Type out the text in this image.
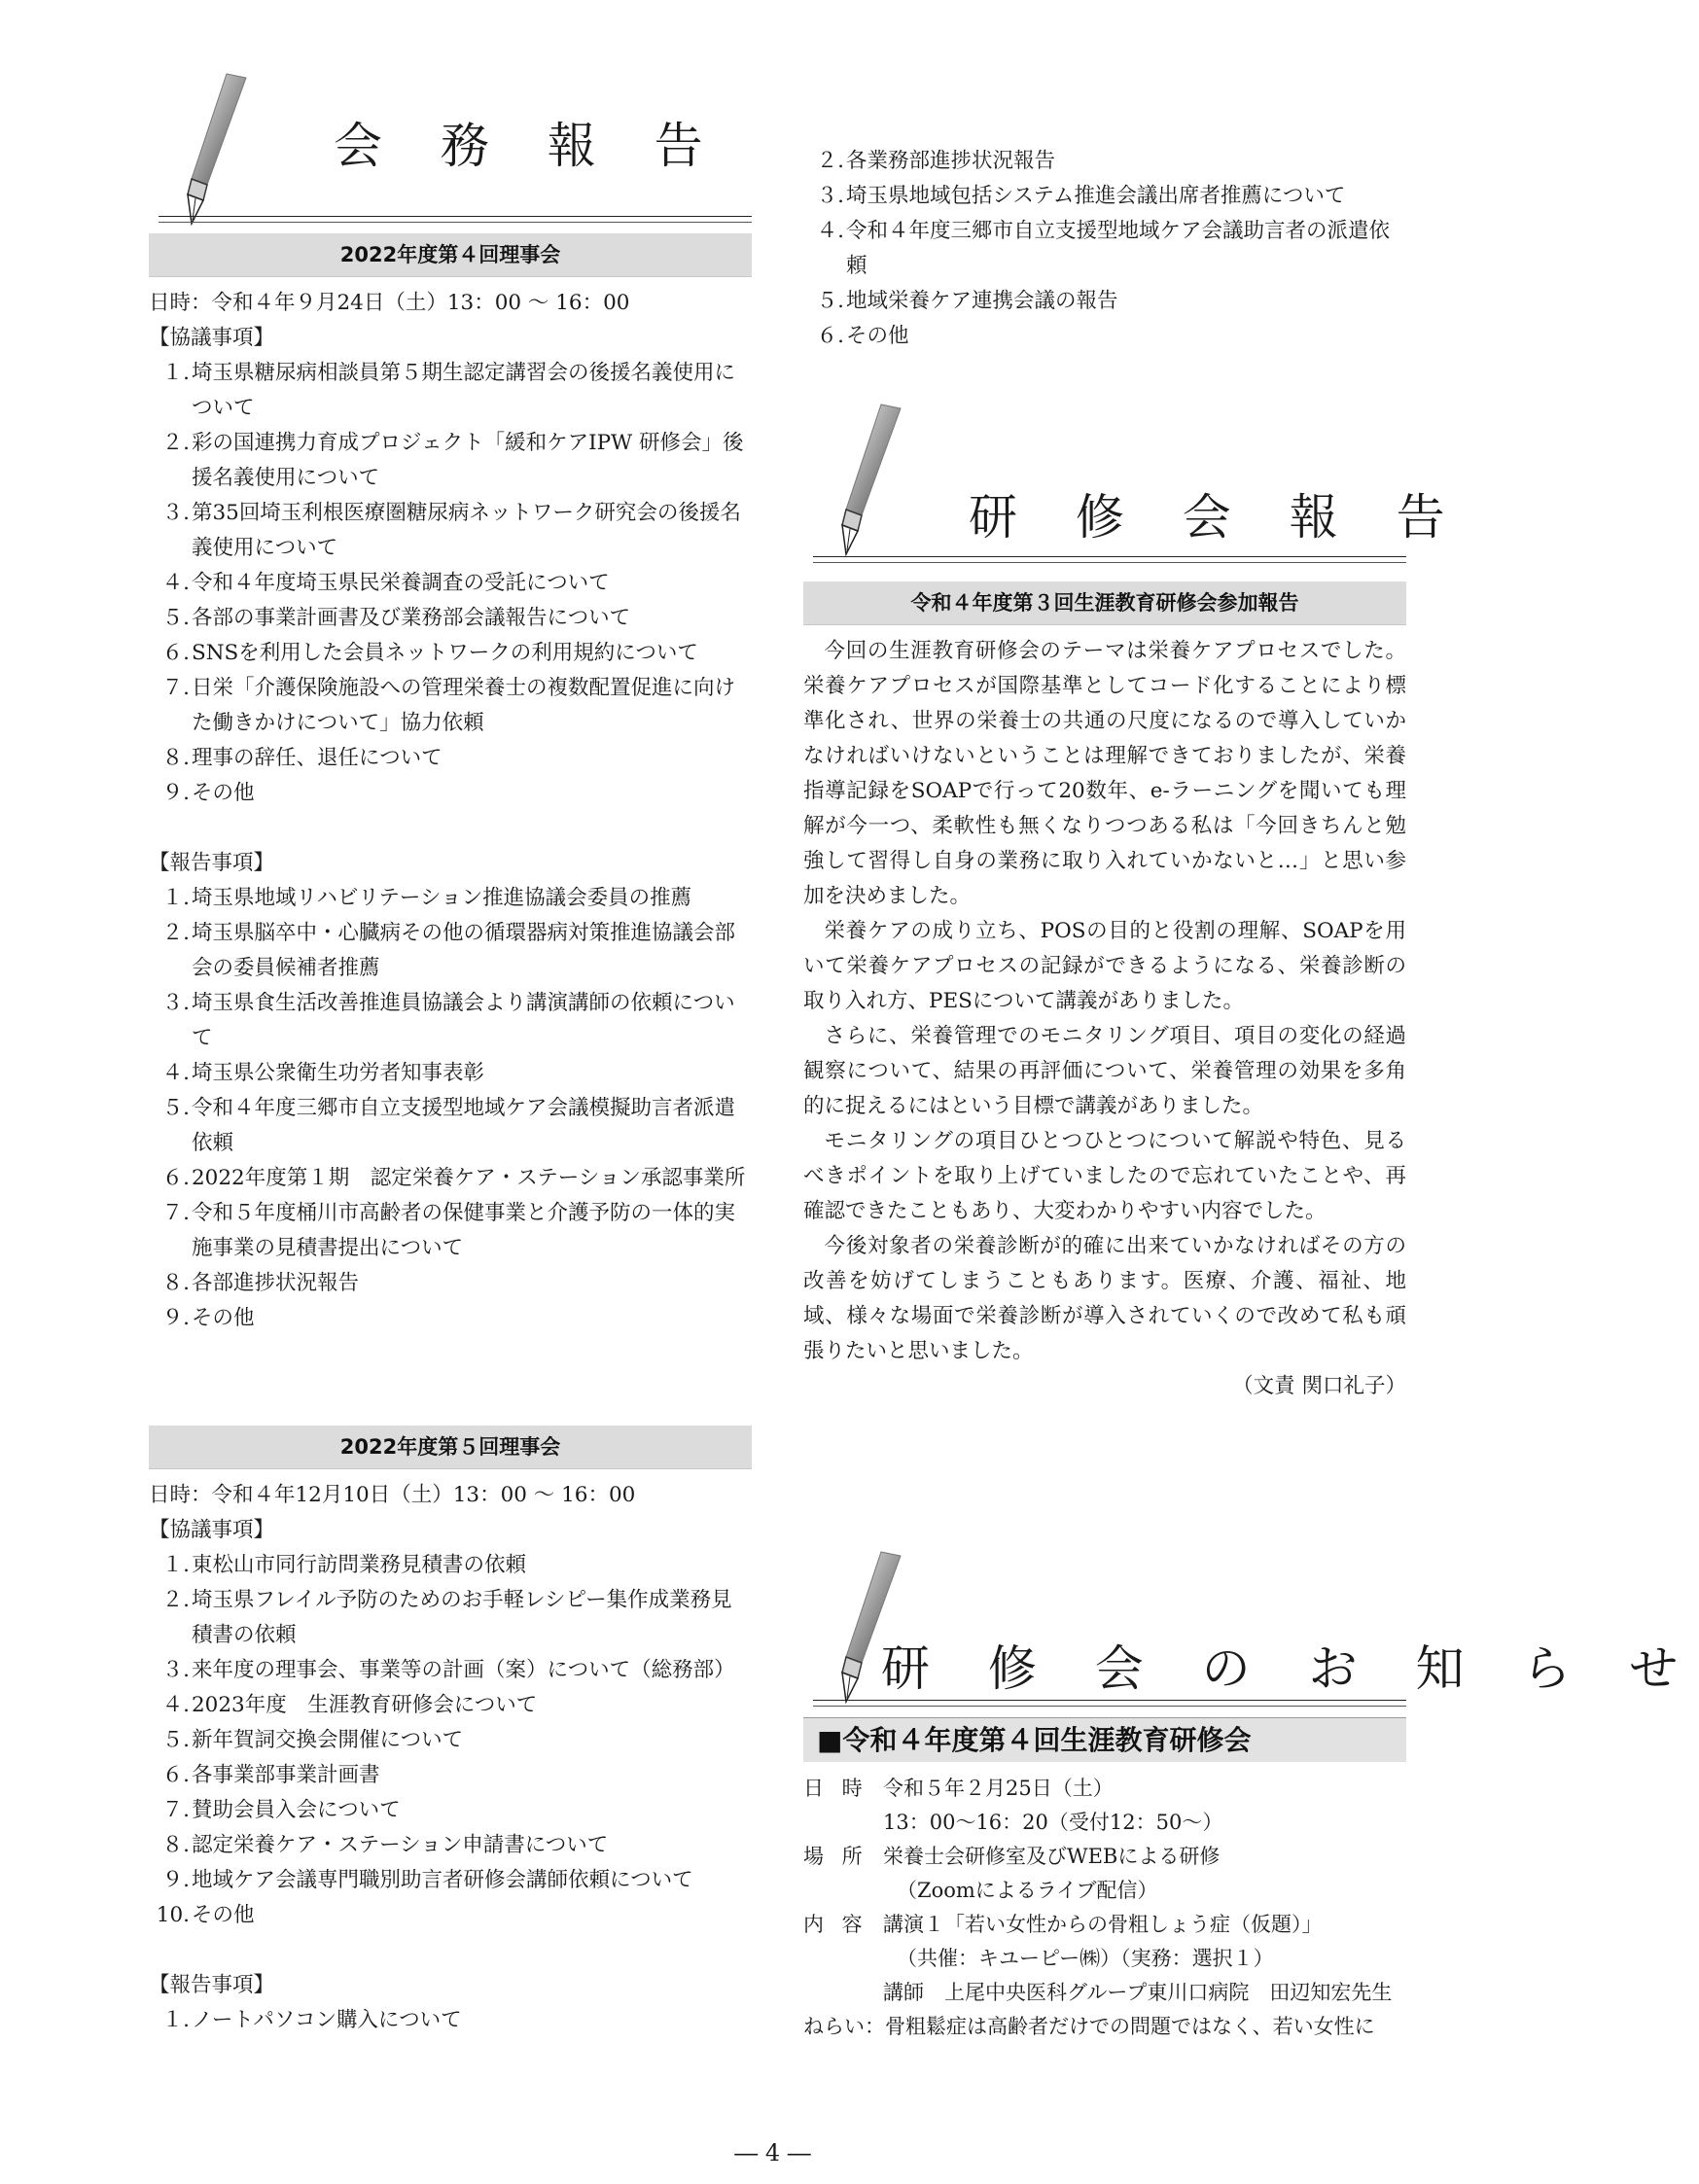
会 務 報 告
2022年度第４回理事会
日時：令和４年９月24日（土）13：00 ～ 16：00
【協議事項】
１. 埼玉県糖尿病相談員第５期生認定講習会の後援名義使用について
２. 彩の国連携力育成プロジェクト「緩和ケアIPW 研修会」後援名義使用について
３. 第35回埼玉利根医療圏糖尿病ネットワーク研究会の後援名義使用について
４. 令和４年度埼玉県民栄養調査の受託について
５. 各部の事業計画書及び業務部会議報告について
６. SNSを利用した会員ネットワークの利用規約について
７. 日栄「介護保険施設への管理栄養士の複数配置促進に向けた働きかけについて」協力依頼
８. 理事の辞任、退任について
９. その他
【報告事項】
１. 埼玉県地域リハビリテーション推進協議会委員の推薦
２. 埼玉県脳卒中・心臓病その他の循環器病対策推進協議会部会の委員候補者推薦
３. 埼玉県食生活改善推進員協議会より講演講師の依頼について
４. 埼玉県公衆衛生功労者知事表彰
５. 令和４年度三郷市自立支援型地域ケア会議模擬助言者派遣依頼
６. 2022年度第１期　認定栄養ケア・ステーション承認事業所
７. 令和５年度桶川市高齢者の保健事業と介護予防の一体的実施事業の見積書提出について
８. 各部進捗状況報告
９. その他
2022年度第５回理事会
日時：令和４年12月10日（土）13：00 ～ 16：00
【協議事項】
１. 東松山市同行訪問業務見積書の依頼
２. 埼玉県フレイル予防のためのお手軽レシピー集作成業務見積書の依頼
３. 来年度の理事会、事業等の計画（案）について（総務部）
４. 2023年度　生涯教育研修会について
５. 新年賀詞交換会開催について
６. 各事業部事業計画書
７. 賛助会員入会について
８. 認定栄養ケア・ステーション申請書について
９. 地域ケア会議専門職別助言者研修会講師依頼について
10. その他
【報告事項】
１. ノートパソコン購入について
２. 各業務部進捗状況報告
３. 埼玉県地域包括システム推進会議出席者推薦について
４. 令和４年度三郷市自立支援型地域ケア会議助言者の派遣依頼
５. 地域栄養ケア連携会議の報告
６. その他
研 修 会 報 告
令和４年度第３回生涯教育研修会参加報告
今回の生涯教育研修会のテーマは栄養ケアプロセスでした。栄養ケアプロセスが国際基準としてコード化することにより標準化され、世界の栄養士の共通の尺度になるので導入していかなければいけないということは理解できておりましたが、栄養指導記録をSOAPで行って20数年、e-ラーニングを聞いても理解が今一つ、柔軟性も無くなりつつある私は「今回きちんと勉強して習得し自身の業務に取り入れていかないと…」と思い参加を決めました。
栄養ケアの成り立ち、POSの目的と役割の理解、SOAPを用いて栄養ケアプロセスの記録ができるようになる、栄養診断の取り入れ方、PESについて講義がありました。
さらに、栄養管理でのモニタリング項目、項目の変化の経過観察について、結果の再評価について、栄養管理の効果を多角的に捉えるにはという目標で講義がありました。
モニタリングの項目ひとつひとつについて解説や特色、見るべきポイントを取り上げていましたので忘れていたことや、再確認できたこともあり、大変わかりやすい内容でした。
今後対象者の栄養診断が的確に出来ていかなければその方の改善を妨げてしまうこともあります。医療、介護、福祉、地域、様々な場面で栄養診断が導入されていくので改めて私も頑張りたいと思いました。
（文責 関口礼子）
研 修 会 の お 知 ら せ
■令和４年度第４回生涯教育研修会
日 時 令和５年２月25日（土）
13：00～16：20（受付12：50～）
場 所 栄養士会研修室及びWEBによる研修
（Zoomによるライブ配信）
内 容 講演１「若い女性からの骨粗しょう症（仮題）」
（共催：キユーピー㈱）（実務：選択１）
講師　上尾中央医科グループ東川口病院　田辺知宏先生
ねらい：骨粗鬆症は高齢者だけでの問題ではなく、若い女性に
― 4 ―
